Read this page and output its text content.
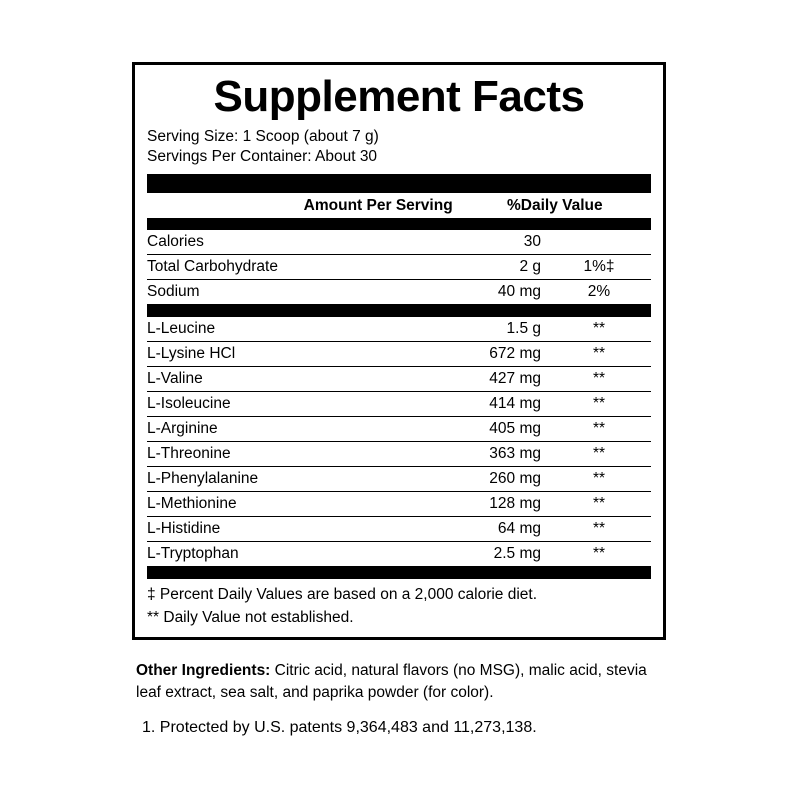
Supplement Facts
Serving Size: 1 Scoop (about 7 g)
Servings Per Container: About 30
	Amount Per Serving	%Daily Value
Calories	30	
Total Carbohydrate	2 g	1%‡
Sodium	40 mg	2%
L-Leucine	1.5 g	**
L-Lysine HCl	672 mg	**
L-Valine	427 mg	**
L-Isoleucine	414 mg	**
L-Arginine	405 mg	**
L-Threonine	363 mg	**
L-Phenylalanine	260 mg	**
L-Methionine	128 mg	**
L-Histidine	64 mg	**
L-Tryptophan	2.5 mg	**
‡ Percent Daily Values are based on a 2,000 calorie diet.
** Daily Value not established.
Other Ingredients: Citric acid, natural flavors (no MSG), malic acid, stevia leaf extract, sea salt, and paprika powder (for color).
1. Protected by U.S. patents 9,364,483 and 11,273,138.
